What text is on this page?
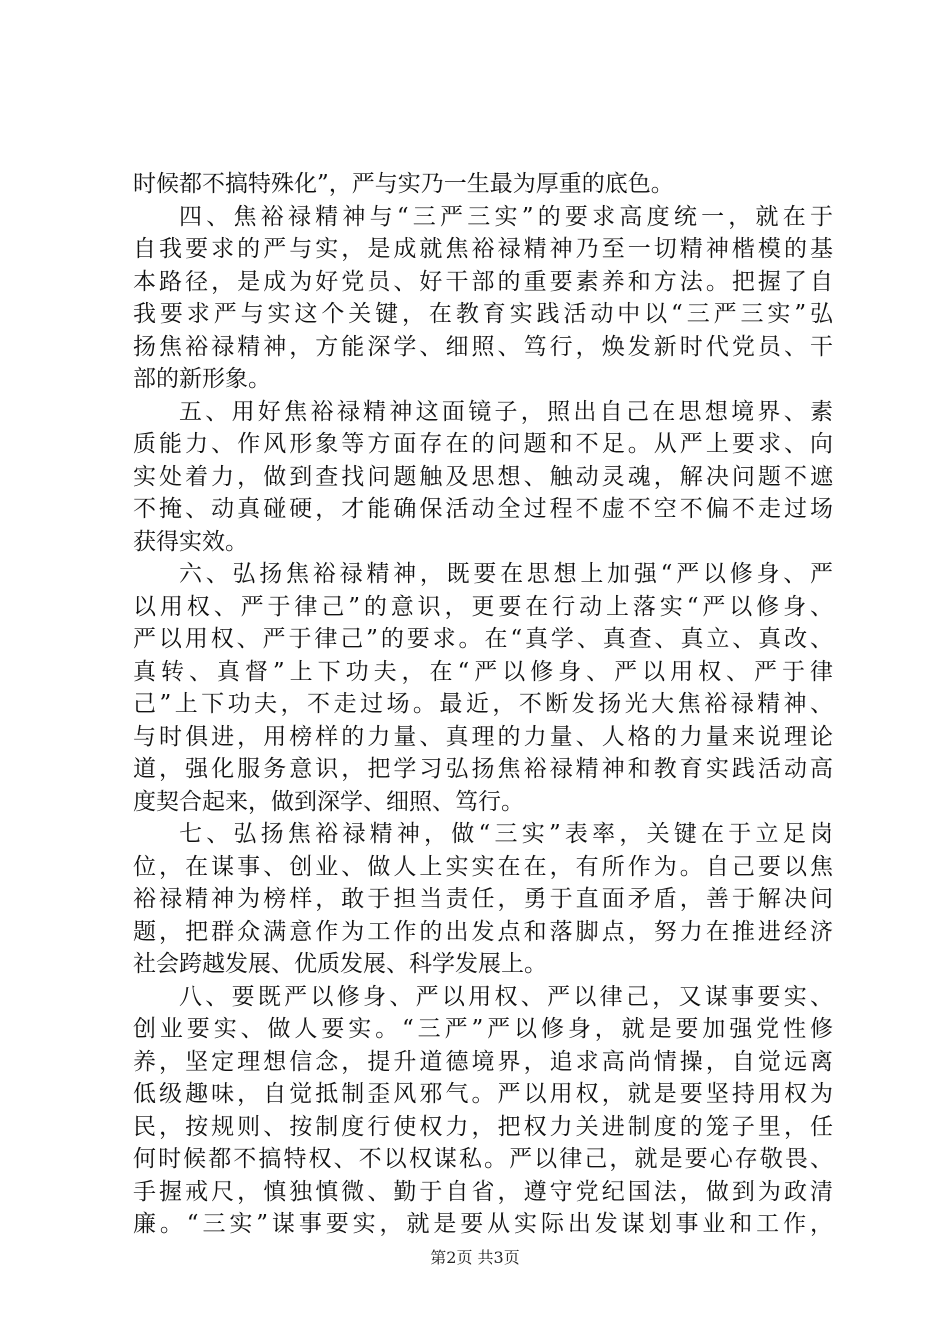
时候都不搞特殊化”，严与实乃一生最为厚重的底色。
四、焦裕禄精神与“三严三实”的要求高度统一，就在于
自我要求的严与实，是成就焦裕禄精神乃至一切精神楷模的基
本路径，是成为好党员、好干部的重要素养和方法。把握了自
我要求严与实这个关键，在教育实践活动中以“三严三实”弘
扬焦裕禄精神，方能深学、细照、笃行，焕发新时代党员、干
部的新形象。
五、用好焦裕禄精神这面镜子，照出自己在思想境界、素
质能力、作风形象等方面存在的问题和不足。从严上要求、向
实处着力，做到查找问题触及思想、触动灵魂，解决问题不遮
不掩、动真碰硬，才能确保活动全过程不虚不空不偏不走过场
获得实效。
六、弘扬焦裕禄精神，既要在思想上加强“严以修身、严
以用权、严于律己”的意识，更要在行动上落实“严以修身、
严以用权、严于律己”的要求。在“真学、真查、真立、真改、
真转、真督”上下功夫，在“严以修身、严以用权、严于律
己”上下功夫，不走过场。最近，不断发扬光大焦裕禄精神、
与时俱进，用榜样的力量、真理的力量、人格的力量来说理论
道，强化服务意识，把学习弘扬焦裕禄精神和教育实践活动高
度契合起来，做到深学、细照、笃行。
七、弘扬焦裕禄精神，做“三实”表率，关键在于立足岗
位，在谋事、创业、做人上实实在在，有所作为。自己要以焦
裕禄精神为榜样，敢于担当责任，勇于直面矛盾，善于解决问
题，把群众满意作为工作的出发点和落脚点，努力在推进经济
社会跨越发展、优质发展、科学发展上。
八、要既严以修身、严以用权、严以律己，又谋事要实、
创业要实、做人要实。“三严”严以修身，就是要加强党性修
养，坚定理想信念，提升道德境界，追求高尚情操，自觉远离
低级趣味，自觉抵制歪风邪气。严以用权，就是要坚持用权为
民，按规则、按制度行使权力，把权力关进制度的笼子里，任
何时候都不搞特权、不以权谋私。严以律己，就是要心存敬畏、
手握戒尺，慎独慎微、勤于自省，遵守党纪国法，做到为政清
廉。“三实”谋事要实，就是要从实际出发谋划事业和工作，
第2页 共3页
